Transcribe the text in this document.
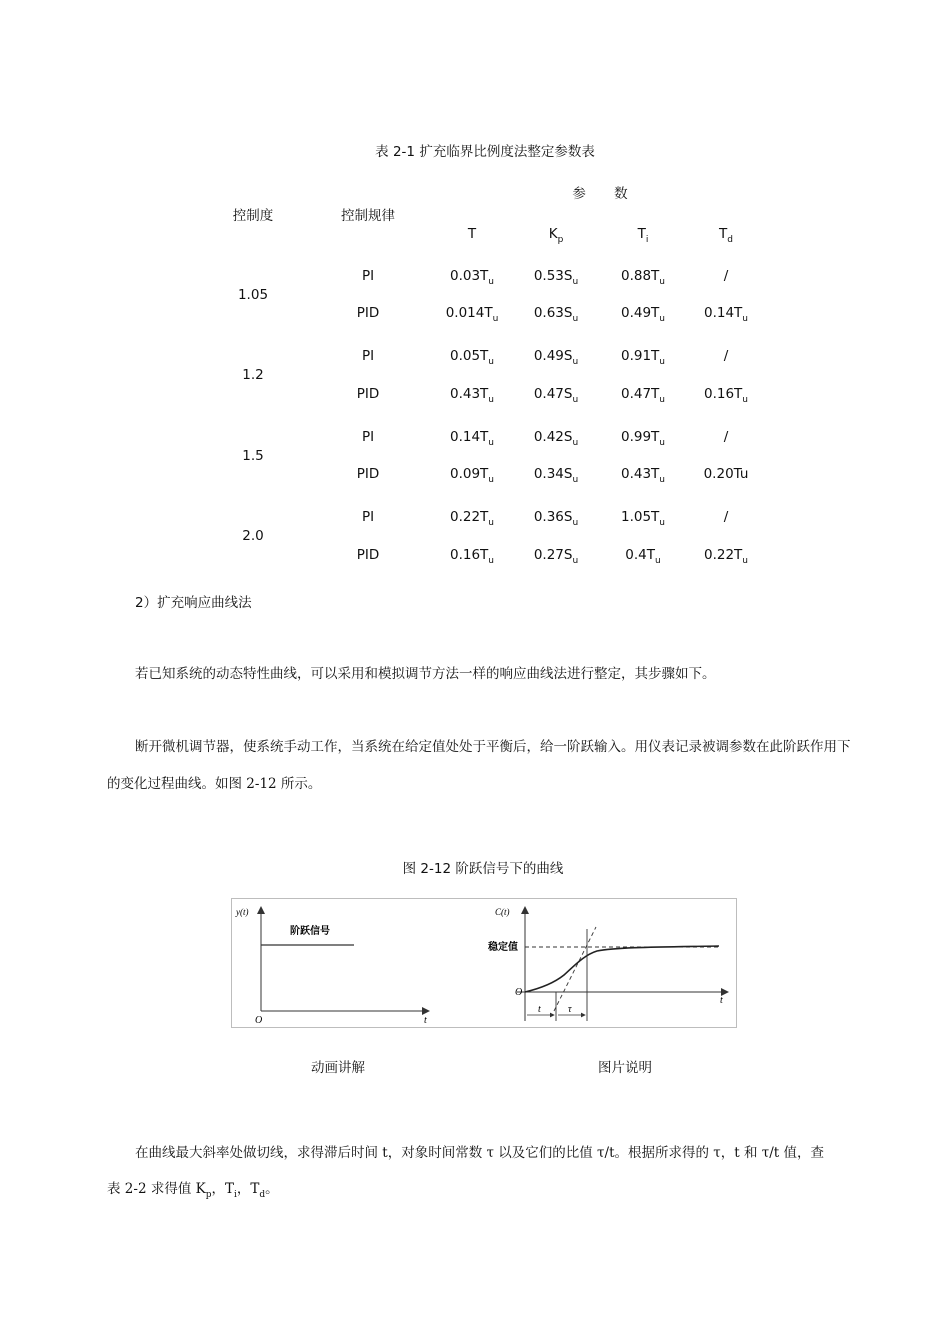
表 2-1 扩充临界比例度法整定参数表
参 数
控制度	控制规律
T	$K_p$	$T_i$	$T_d$
1.05
PI	$0.03T_u$	$0.53S_u$	$0.88T_u$	/
PID	$0.014T_u$	$0.63S_u$	$0.49T_u$	$0.14T_u$
1.2
PI	$0.05T_u$	$0.49S_u$	$0.91T_u$	/
PID	$0.43T_u$	$0.47S_u$	$0.47T_u$	$0.16T_u$
1.5
PI	$0.14T_u$	$0.42S_u$	$0.99T_u$	/
PID	$0.09T_u$	$0.34S_u$	$0.43T_u$	0.20Tu
2.0
PI	$0.22T_u$	$0.36S_u$	$1.05T_u$	/
PID	$0.16T_u$	$0.27S_u$	$0.4T_u$	$0.22T_u$
2）扩充响应曲线法
若已知系统的动态特性曲线，可以采用和模拟调节方法一样的响应曲线法进行整定，其步骤如下。
断开微机调节器，使系统手动工作，当系统在给定值处处于平衡后，给一阶跃输入。用仪表记录被调参数在此阶跃作用下的变化过程曲线。如图 2-12 所示。
图 2-12 阶跃信号下的曲线
y(t)
阶跃信号
O	t
C(t)
稳定值
O
t
t	τ
动画讲解	图片说明
在曲线最大斜率处做切线，求得滞后时间 t，对象时间常数 τ 以及它们的比值 τ/t。根据所求得的 τ，t 和 τ/t 值，查
表 2-2 求得值 $K_p$，$T_i$，$T_d$。
